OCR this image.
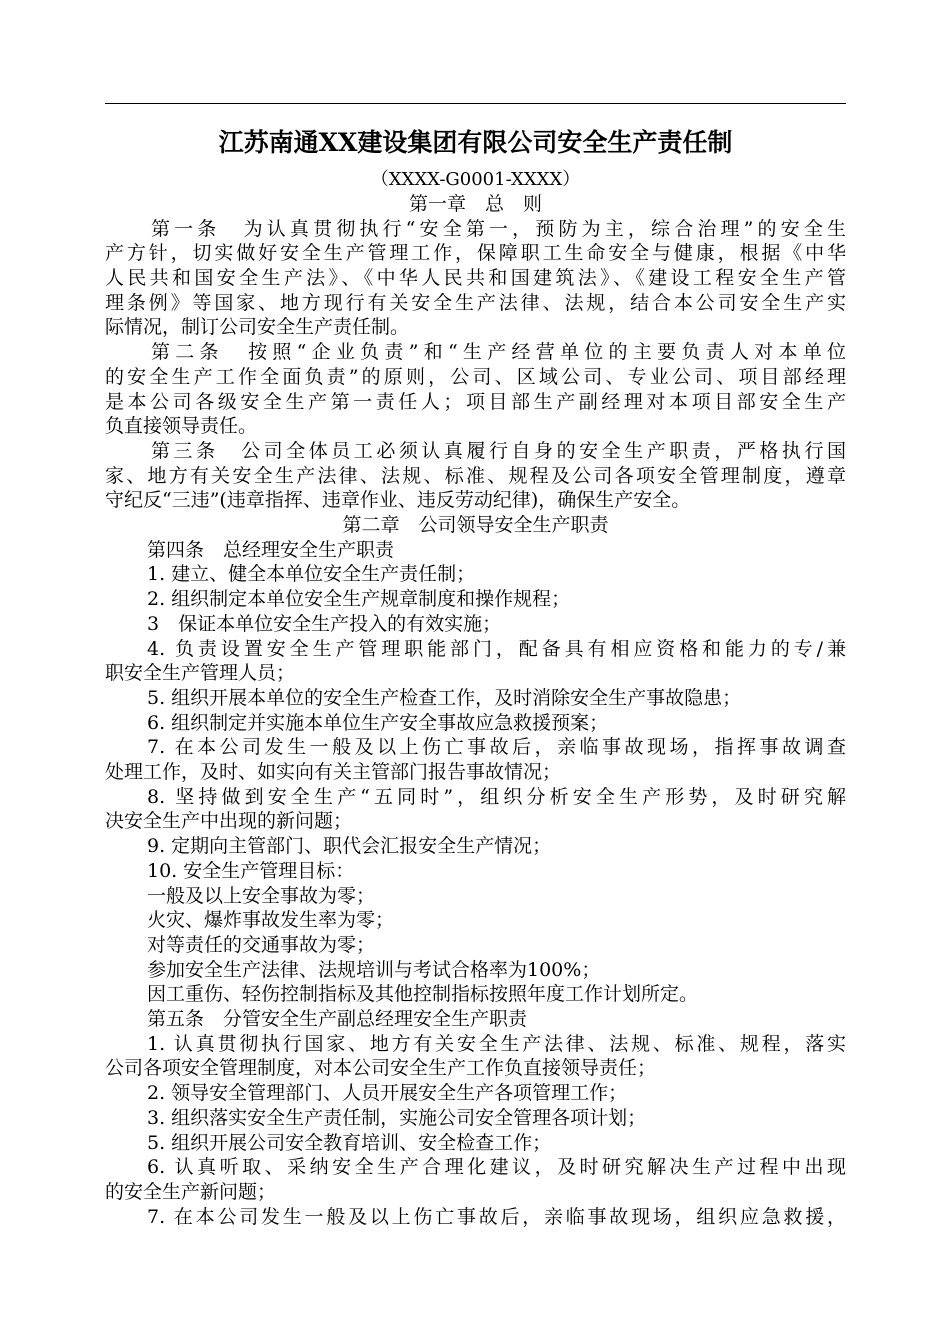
江苏南通XX建设集团有限公司安全生产责任制
（XXXX-G0001-XXXX）
第一章　总　则
第一条　为认真贯彻执行“安全第一，预防为主，综合治理”的安全生
产方针，切实做好安全生产管理工作，保障职工生命安全与健康，根据《中华
人民共和国安全生产法》、《中华人民共和国建筑法》、《建设工程安全生产管
理条例》等国家、地方现行有关安全生产法律、法规，结合本公司安全生产实
际情况，制订公司安全生产责任制。
第二条　按照“企业负责”和“生产经营单位的主要负责人对本单位
的安全生产工作全面负责”的原则，公司、区域公司、专业公司、项目部经理
是本公司各级安全生产第一责任人；项目部生产副经理对本项目部安全生产
负直接领导责任。
第三条　公司全体员工必须认真履行自身的安全生产职责，严格执行国
家、地方有关安全生产法律、法规、标准、规程及公司各项安全管理制度，遵章
守纪反“三违”(违章指挥、违章作业、违反劳动纪律)，确保生产安全。
第二章　公司领导安全生产职责
第四条　总经理安全生产职责
1. 建立、健全本单位安全生产责任制；
2. 组织制定本单位安全生产规章制度和操作规程；
3　保证本单位安全生产投入的有效实施；
4. 负责设置安全生产管理职能部门，配备具有相应资格和能力的专/兼
职安全生产管理人员；
5. 组织开展本单位的安全生产检查工作，及时消除安全生产事故隐患；
6. 组织制定并实施本单位生产安全事故应急救援预案；
7. 在本公司发生一般及以上伤亡事故后，亲临事故现场，指挥事故调查
处理工作，及时、如实向有关主管部门报告事故情况；
8. 坚持做到安全生产“五同时”，组织分析安全生产形势，及时研究解
决安全生产中出现的新问题；
9. 定期向主管部门、职代会汇报安全生产情况；
10. 安全生产管理目标：
一般及以上安全事故为零；
火灾、爆炸事故发生率为零；
对等责任的交通事故为零；
参加安全生产法律、法规培训与考试合格率为100%；
因工重伤、轻伤控制指标及其他控制指标按照年度工作计划所定。
第五条　分管安全生产副总经理安全生产职责
1. 认真贯彻执行国家、地方有关安全生产法律、法规、标准、规程，落实
公司各项安全管理制度，对本公司安全生产工作负直接领导责任；
2. 领导安全管理部门、人员开展安全生产各项管理工作；
3. 组织落实安全生产责任制，实施公司安全管理各项计划；
5. 组织开展公司安全教育培训、安全检查工作；
6. 认真听取、采纳安全生产合理化建议，及时研究解决生产过程中出现
的安全生产新问题；
7. 在本公司发生一般及以上伤亡事故后，亲临事故现场，组织应急救援，
